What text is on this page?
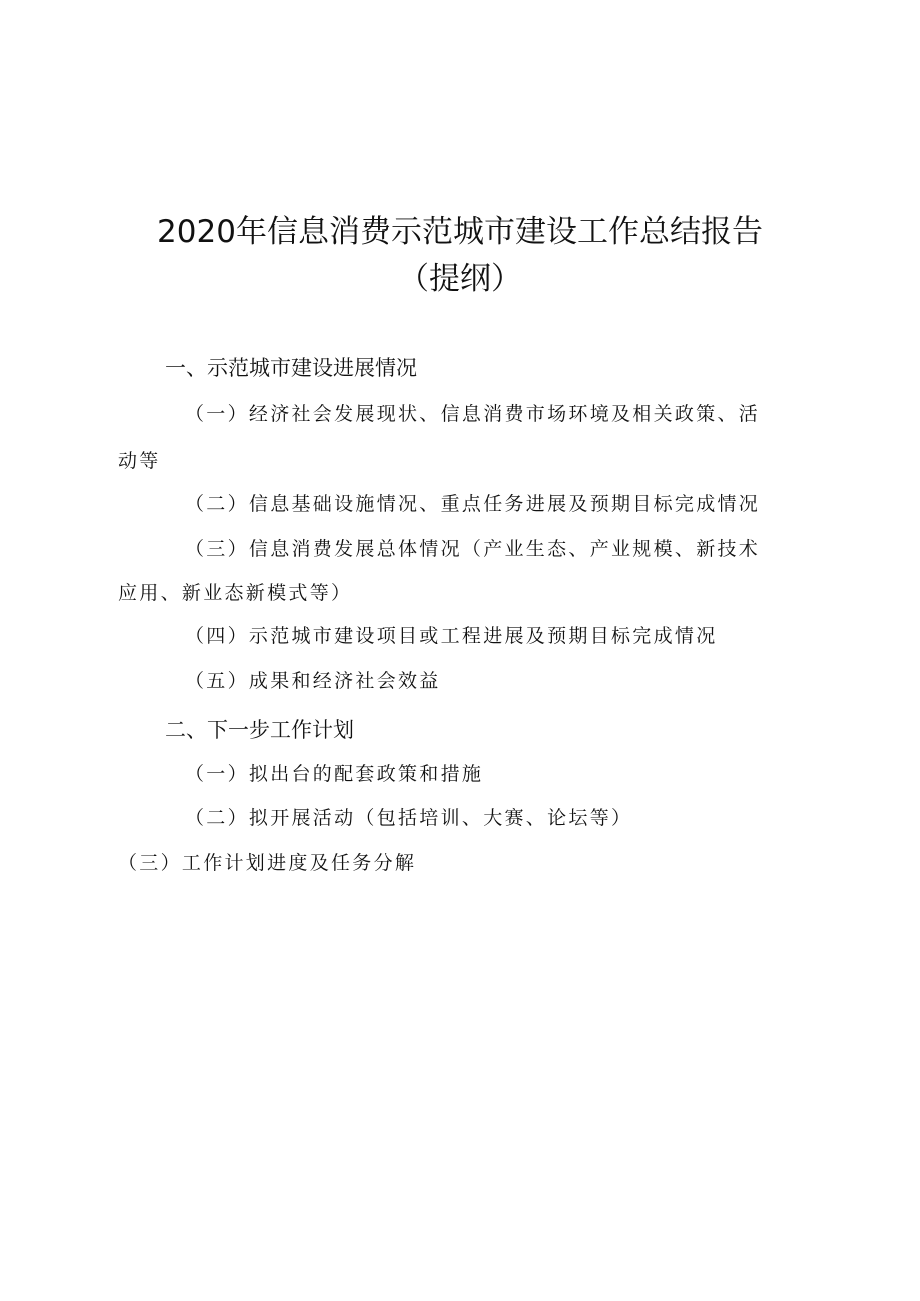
2020年信息消费示范城市建设工作总结报告
（提纲）
一、示范城市建设进展情况
（一）经济社会发展现状、信息消费市场环境及相关政策、活
动等
（二）信息基础设施情况、重点任务进展及预期目标完成情况
（三）信息消费发展总体情况（产业生态、产业规模、新技术
应用、新业态新模式等）
（四）示范城市建设项目或工程进展及预期目标完成情况
（五）成果和经济社会效益
二、下一步工作计划
（一）拟出台的配套政策和措施
（二）拟开展活动（包括培训、大赛、论坛等）
（三）工作计划进度及任务分解
